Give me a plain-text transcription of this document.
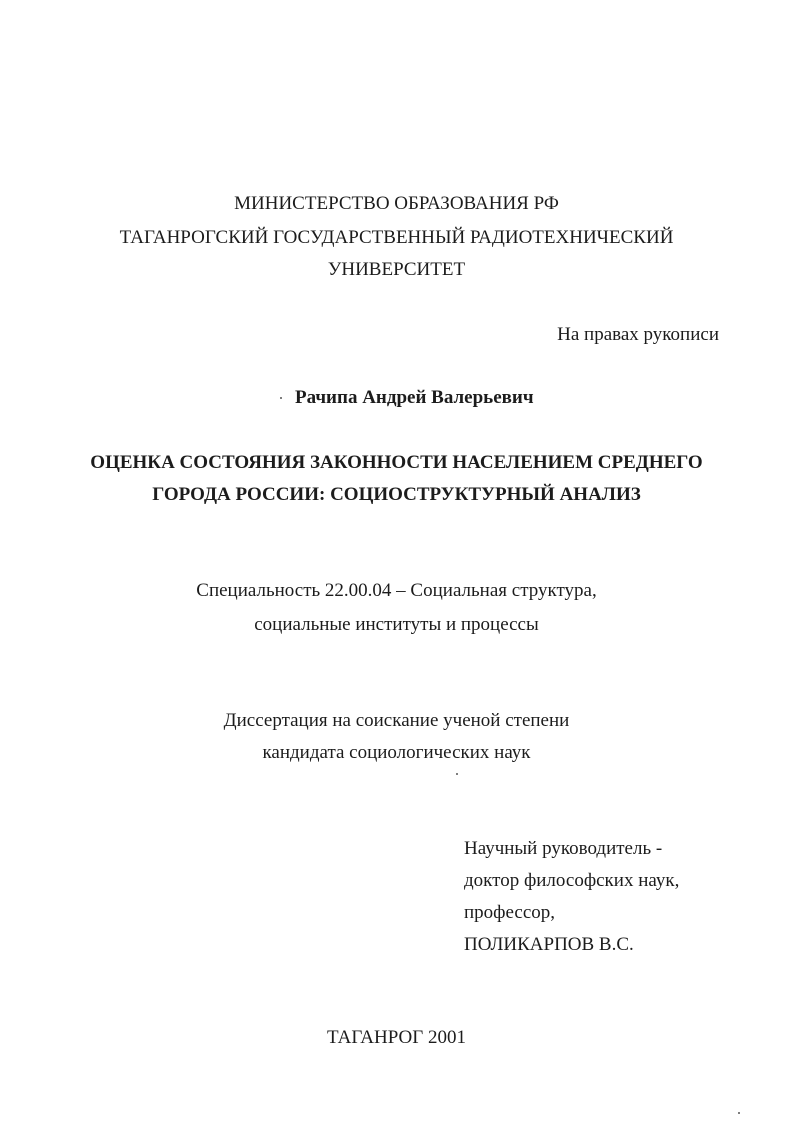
МИНИСТЕРСТВО ОБРАЗОВАНИЯ РФ
ТАГАНРОГСКИЙ ГОСУДАРСТВЕННЫЙ РАДИОТЕХНИЧЕСКИЙ
УНИВЕРСИТЕТ
На правах рукописи
Рачипа Андрей Валерьевич
ОЦЕНКА СОСТОЯНИЯ ЗАКОННОСТИ НАСЕЛЕНИЕМ СРЕДНЕГО
ГОРОДА РОССИИ: СОЦИОСТРУКТУРНЫЙ АНАЛИЗ
Специальность 22.00.04 – Социальная структура,
социальные институты и процессы
Диссертация на соискание ученой степени
кандидата социологических наук
Научный руководитель -
доктор философских наук,
профессор,
ПОЛИКАРПОВ В.С.
ТАГАНРОГ 2001
